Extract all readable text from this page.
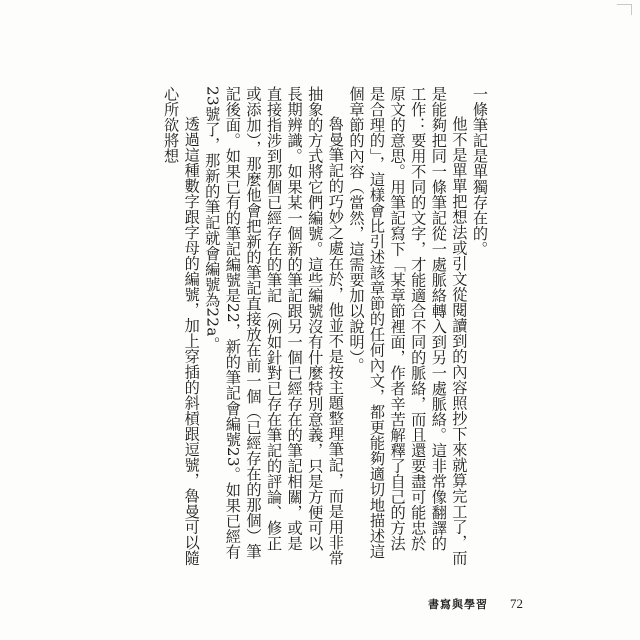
一條筆記是單獨存在的。

他不是單單把想法或引文從閱讀到的內容照抄下來就算完工了，而是能夠把同一條筆記從一處脈絡轉入到另一處脈絡。這非常像翻譯的工作：要用不同的文字，才能適合不同的脈絡，而且還要盡可能忠於原文的意思。用筆記寫下「某章節裡面，作者辛苦解釋了自己的方法是合理的」，這樣會比引述該章節的任何內文，都更能夠適切地描述這個章節的內容（當然，這需要加以說明）。

魯曼筆記的巧妙之處在於，他並不是按主題整理筆記，而是用非常抽象的方式將它們編號。這些編號沒有什麼特別意義，只是方便可以長期辨識。如果某一個新的筆記跟另一個已經存在的筆記相關，或是直接指涉到那個已經存在的筆記（例如針對已存在筆記的評論、修正或添加），那麼他會把新的筆記直接放在前一個（已經存在的那個）筆記後面。如果已有的筆記編號是22，新的筆記會編號23。如果已經有23號了，那新的筆記就會編號為22a。

透過這種數字跟字母的編號，加上穿插的斜槓跟逗號，魯曼可以隨心所欲將想

書寫與學習 72
